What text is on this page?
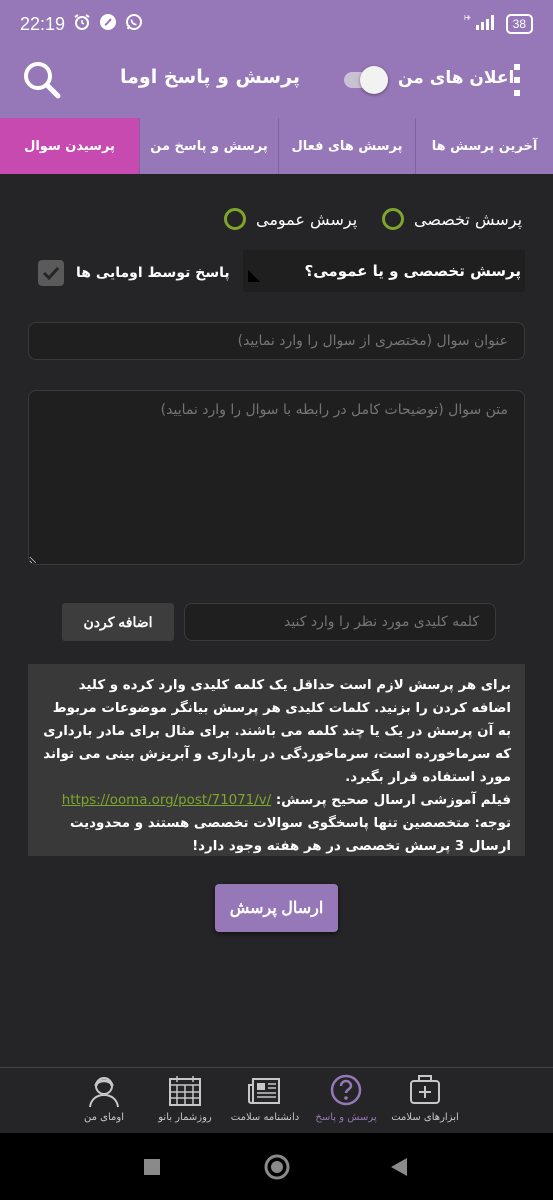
22:19	H+	38
پرسش و پاسخ اوما	اعلان های من
پرسیدن سوال	پرسش و پاسخ من پرسش های فعال آخرین پرسش ها
پرسش تخصصی
پرسش عمومی
پرسش تخصصی و یا عمومی؟
پاسخ توسط اومایی ها
عنوان سوال (مختصری از سوال را وارد نمایید)
متن سوال (توضیحات کامل در رابطه با سوال را وارد نمایید)
کلمه کلیدی مورد نظر را وارد کنید
اضافه کردن
برای هر پرسش لازم است حداقل یک کلمه کلیدی وارد کرده و کلید اضافه کردن را بزنید. کلمات کلیدی هر پرسش بیانگر موضوعات مربوط به آن پرسش در یک یا چند کلمه می باشند. برای مثال برای مادر بارداری که سرماخورده است، سرماخوردگی در بارداری و آبریزش بینی می تواند مورد استفاده قرار بگیرد.
فیلم آموزشی ارسال صحیح پرسش: https://ooma.org/post/71071/v/
توجه: متخصصین تنها پاسخگوی سوالات تخصصی هستند و محدودیت ارسال 3 پرسش تخصصی در هر هفته وجود دارد!
ارسال پرسش
ابزارهای سلامت
پرسش و پاسخ
دانشنامه سلامت
روزشمار بانو
اومای من
